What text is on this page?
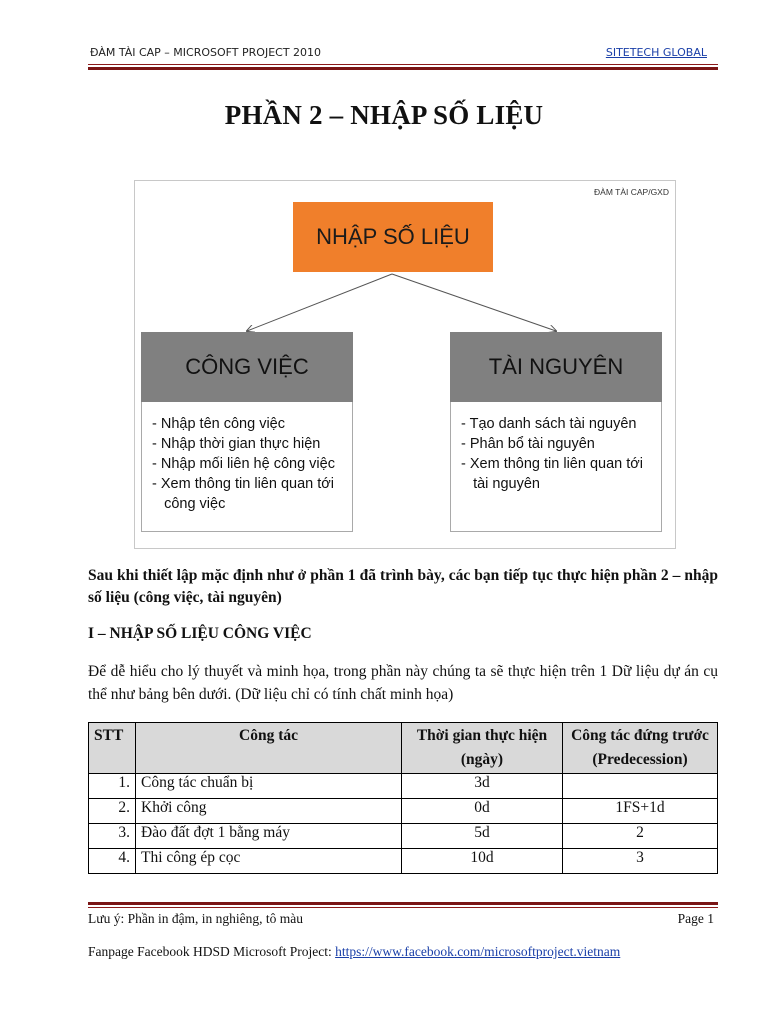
ĐÀM TÀI CAP – MICROSOFT PROJECT 2010	SITETECH GLOBAL
PHẦN 2 – NHẬP SỐ LIỆU
ĐÀM TÀI CAP/GXD
NHẬP SỐ LIỆU
CÔNG VIỆC
- Nhập tên công việc
- Nhập thời gian thực hiện
- Nhập mối liên hệ công việc
- Xem thông tin liên quan tới
công việc
TÀI NGUYÊN
- Tạo danh sách tài nguyên
- Phân bổ tài nguyên
- Xem thông tin liên quan tới
tài nguyên
Sau khi thiết lập mặc định như ở phần 1 đã trình bày, các bạn tiếp tục thực hiện phần 2 – nhập số liệu (công việc, tài nguyên)
I – NHẬP SỐ LIỆU CÔNG VIỆC
Để dễ hiểu cho lý thuyết và minh họa, trong phần này chúng ta sẽ thực hiện trên 1 Dữ liệu dự án cụ thể như bảng bên dưới. (Dữ liệu chỉ có tính chất minh họa)
STT	Công tác	Thời gian thực hiện (ngày)	Công tác đứng trước (Predecession)
1.	Công tác chuẩn bị	3d	
2.	Khởi công	0d	1FS+1d
3.	Đào đất đợt 1 bằng máy	5d	2
4.	Thi công ép cọc	10d	3
Lưu ý: Phần in đậm, in nghiêng, tô màu	Page 1
Fanpage Facebook HDSD Microsoft Project: https://www.facebook.com/microsoftproject.vietnam
